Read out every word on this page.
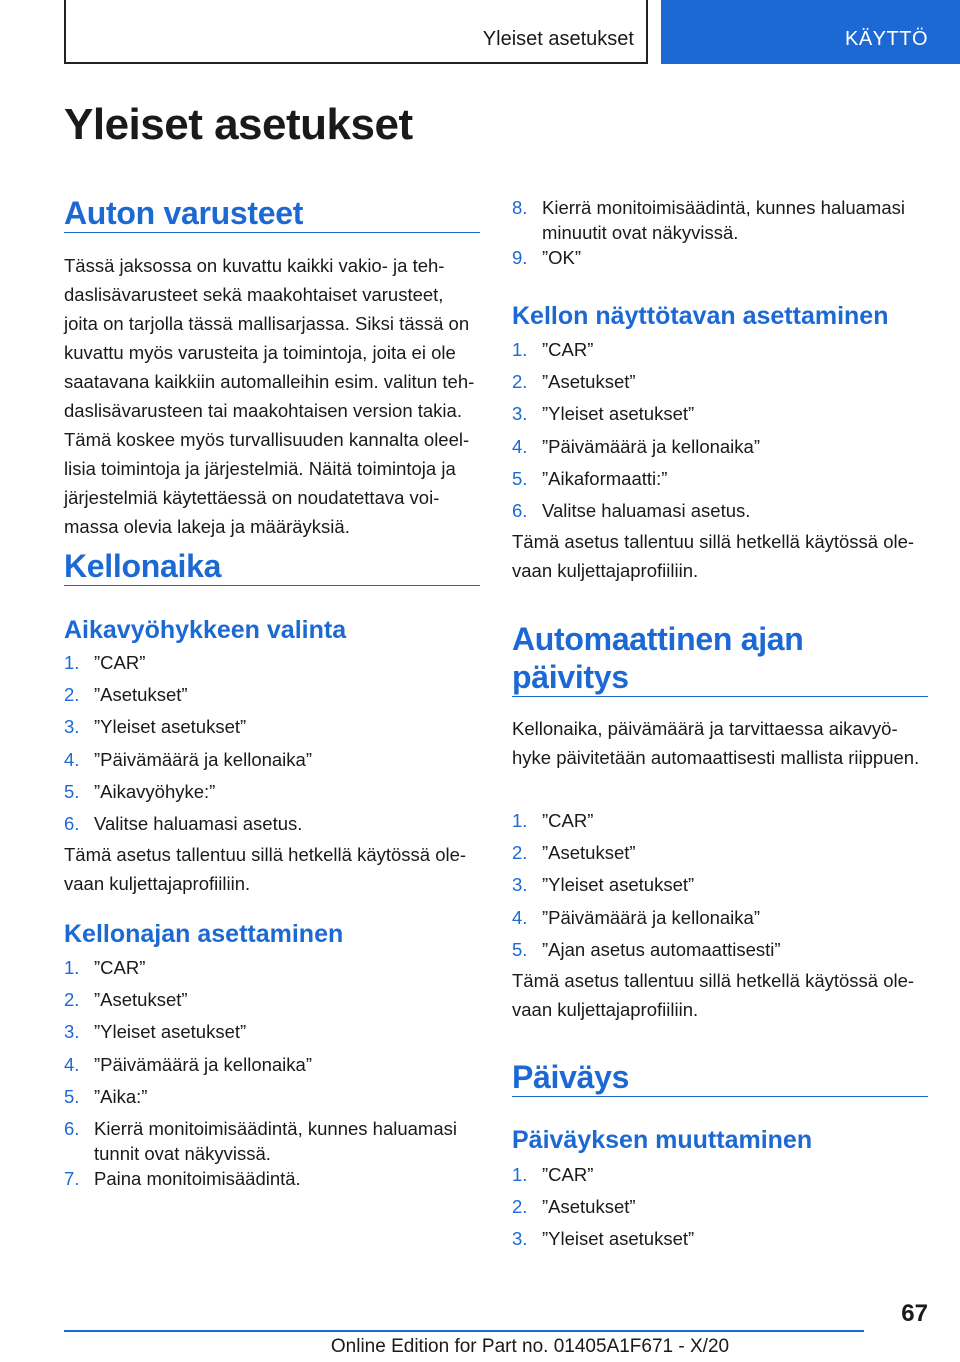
Yleiset asetukset	KÄYTTÖ
Yleiset asetukset
Auton varusteet
Tässä jaksossa on kuvattu kaikki vakio- ja tehdaslisävarusteet sekä maakohtaiset varusteet, joita on tarjolla tässä mallisarjassa. Siksi tässä on kuvattu myös varusteita ja toimintoja, joita ei ole saatavana kaikkiin automalleihin esim. valitun tehdaslisävarusteen tai maakohtaisen version takia. Tämä koskee myös turvallisuuden kannalta oleellisia toimintoja ja järjestelmiä. Näitä toimintoja ja järjestelmiä käytettäessä on noudatettava voimassa olevia lakeja ja määräyksiä.
Kellonaika
Aikavyöhykkeen valinta
1. ”CAR”
2. ”Asetukset”
3. ”Yleiset asetukset”
4. ”Päivämäärä ja kellonaika”
5. ”Aikavyöhyke:”
6. Valitse haluamasi asetus.
Tämä asetus tallentuu sillä hetkellä käytössä olevaan kuljettajaprofiiliin.
Kellonajan asettaminen
1. ”CAR”
2. ”Asetukset”
3. ”Yleiset asetukset”
4. ”Päivämäärä ja kellonaika”
5. ”Aika:”
6. Kierrä monitoimisäädintä, kunnes haluamasi tunnit ovat näkyvissä.
7. Paina monitoimisäädintä.
8. Kierrä monitoimisäädintä, kunnes haluamasi minuutit ovat näkyvissä.
9. ”OK”
Kellon näyttötavan asettaminen
1. ”CAR”
2. ”Asetukset”
3. ”Yleiset asetukset”
4. ”Päivämäärä ja kellonaika”
5. ”Aikaformaatti:”
6. Valitse haluamasi asetus.
Tämä asetus tallentuu sillä hetkellä käytössä olevaan kuljettajaprofiiliin.
Automaattinen ajan
päivitys
Kellonaika, päivämäärä ja tarvittaessa aikavyöhyke päivitetään automaattisesti mallista riippuen.
1. ”CAR”
2. ”Asetukset”
3. ”Yleiset asetukset”
4. ”Päivämäärä ja kellonaika”
5. ”Ajan asetus automaattisesti”
Tämä asetus tallentuu sillä hetkellä käytössä olevaan kuljettajaprofiiliin.
Päiväys
Päiväyksen muuttaminen
1. ”CAR”
2. ”Asetukset”
3. ”Yleiset asetukset”
67
Online Edition for Part no. 01405A1F671 - X/20
